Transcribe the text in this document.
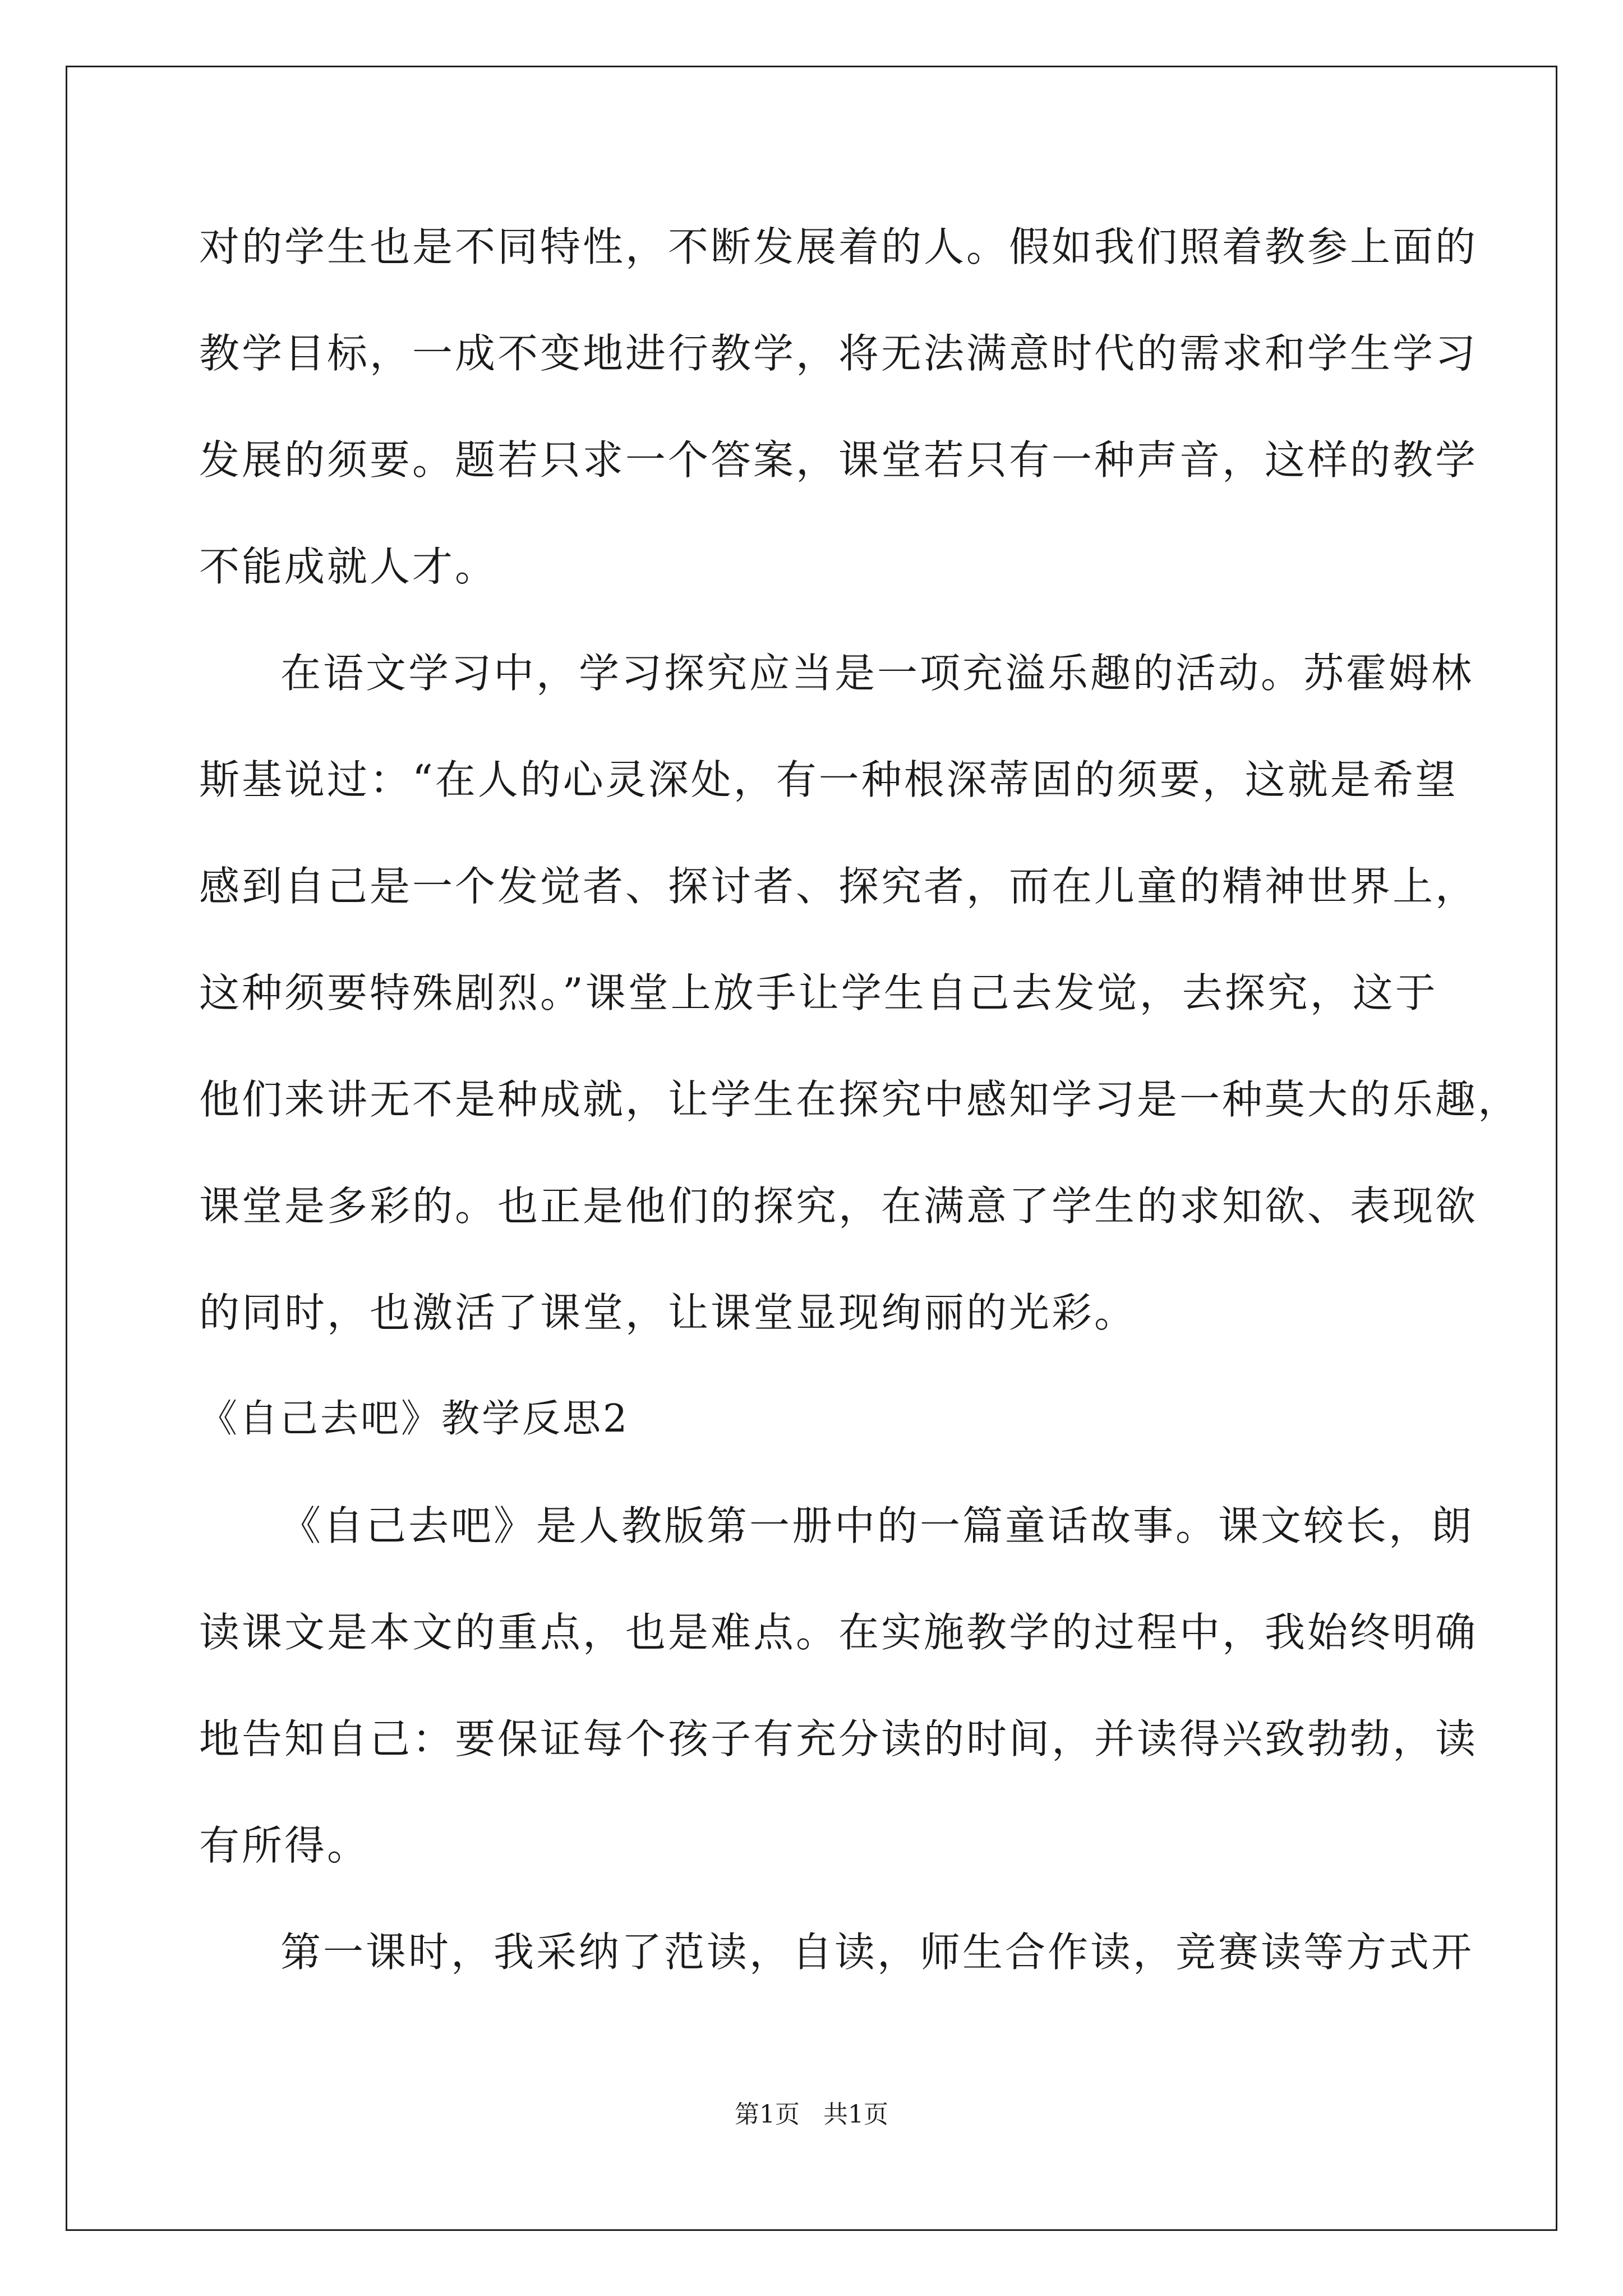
对的学生也是不同特性，不断发展着的人。假如我们照着教参上面的
教学目标，一成不变地进行教学，将无法满意时代的需求和学生学习
发展的须要。题若只求一个答案，课堂若只有一种声音，这样的教学
不能成就人才。
在语文学习中，学习探究应当是一项充溢乐趣的活动。苏霍姆林
斯基说过：“在人的心灵深处，有一种根深蒂固的须要，这就是希望
感到自己是一个发觉者、探讨者、探究者，而在儿童的精神世界上，
这种须要特殊剧烈。”课堂上放手让学生自己去发觉，去探究，这于
他们来讲无不是种成就，让学生在探究中感知学习是一种莫大的乐趣，
课堂是多彩的。也正是他们的探究，在满意了学生的求知欲、表现欲
的同时，也激活了课堂，让课堂显现绚丽的光彩。
《自己去吧》教学反思2
《自己去吧》是人教版第一册中的一篇童话故事。课文较长，朗
读课文是本文的重点，也是难点。在实施教学的过程中，我始终明确
地告知自己：要保证每个孩子有充分读的时间，并读得兴致勃勃，读
有所得。
第一课时，我采纳了范读，自读，师生合作读，竞赛读等方式开
第1页   共1页
